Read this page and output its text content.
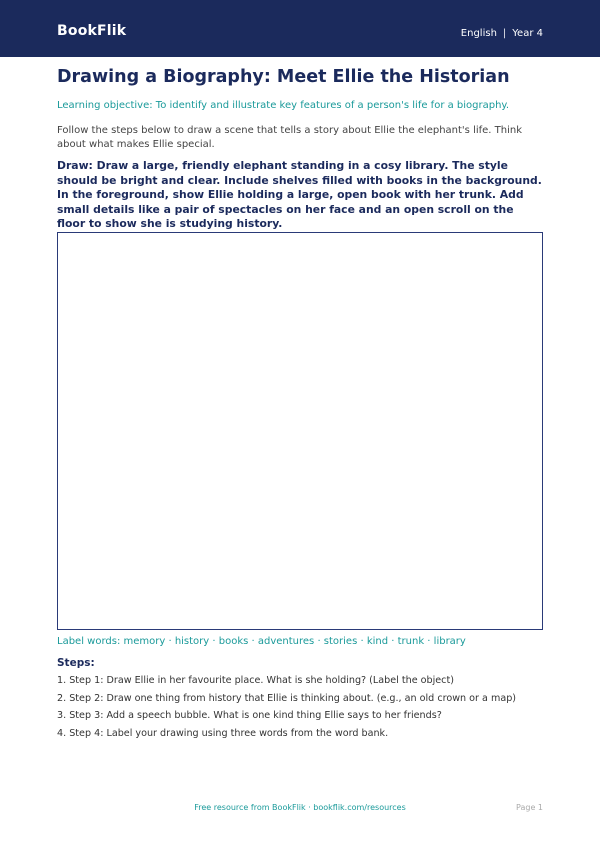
BookFlik	English | Year 4
Drawing a Biography: Meet Ellie the Historian
Learning objective: To identify and illustrate key features of a person's life for a biography.
Follow the steps below to draw a scene that tells a story about Ellie the elephant's life. Think about what makes Ellie special.
Draw: Draw a large, friendly elephant standing in a cosy library. The style should be bright and clear. Include shelves filled with books in the background. In the foreground, show Ellie holding a large, open book with her trunk. Add small details like a pair of spectacles on her face and an open scroll on the floor to show she is studying history.
Label words: memory · history · books · adventures · stories · kind · trunk · library
Steps:
1. Step 1: Draw Ellie in her favourite place. What is she holding? (Label the object)
2. Step 2: Draw one thing from history that Ellie is thinking about. (e.g., an old crown or a map)
3. Step 3: Add a speech bubble. What is one kind thing Ellie says to her friends?
4. Step 4: Label your drawing using three words from the word bank.
Free resource from BookFlik · bookflik.com/resources	Page 1
